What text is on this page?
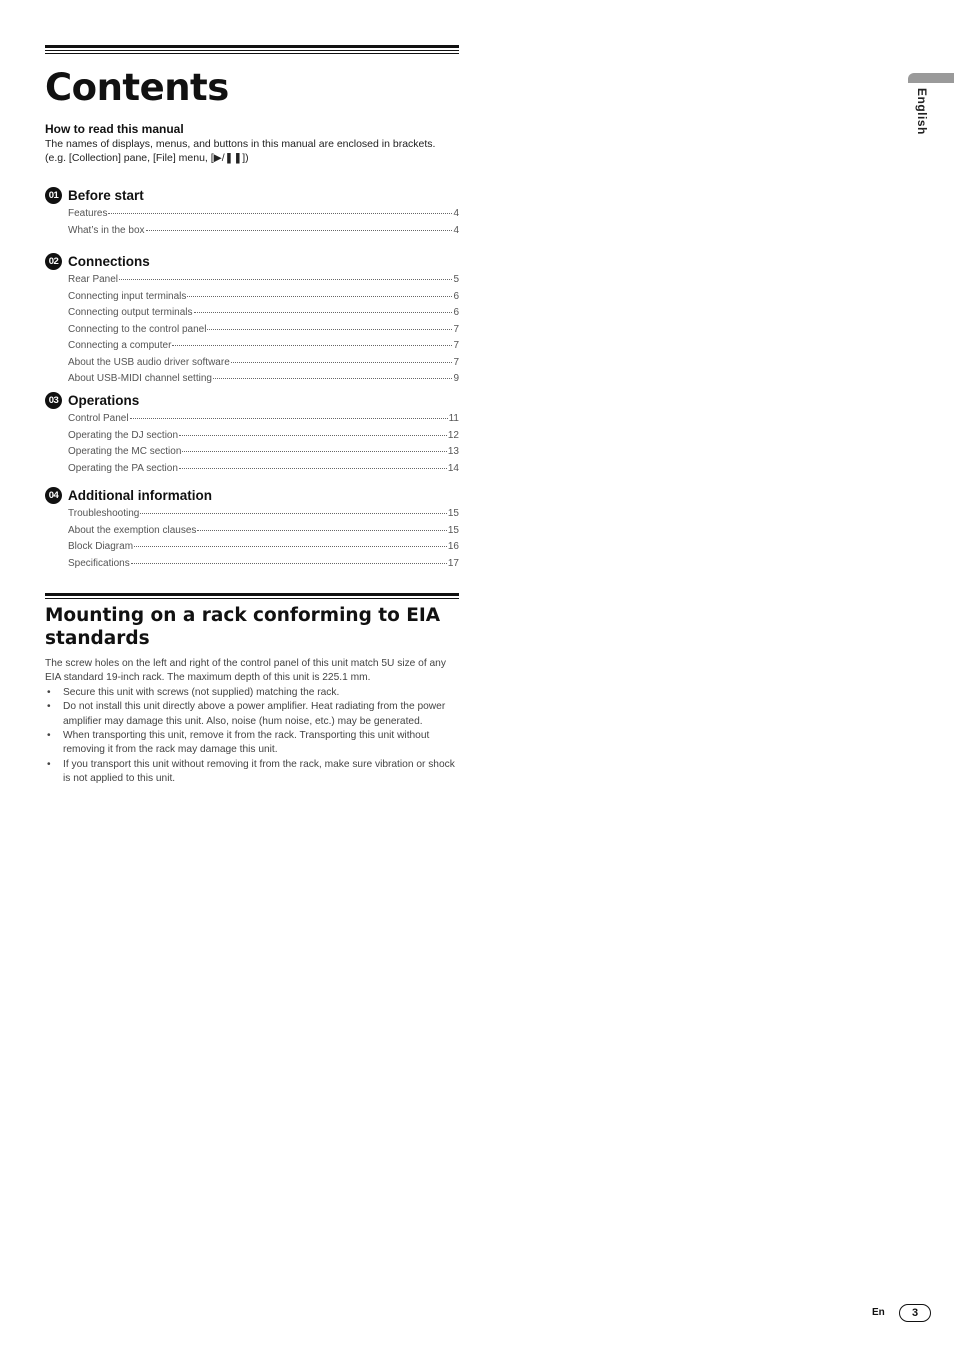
Contents
How to read this manual

The names of displays, menus, and buttons in this manual are enclosed in brackets. (e.g. [Collection] pane, [File] menu, [▶/❚❚])

01 Before start
Features	4
What’s in the box	4
02 Connections
Rear Panel	5
Connecting input terminals	6
Connecting output terminals	6
Connecting to the control panel	7
Connecting a computer	7
About the USB audio driver software	7
About USB-MIDI channel setting	9
03 Operations
Control Panel	11
Operating the DJ section	12
Operating the MC section	13
Operating the PA section	14
04 Additional information
Troubleshooting	15
About the exemption clauses	15
Block Diagram	16
Specifications	17
Mounting on a rack conforming to EIA standards

The screw holes on the left and right of the control panel of this unit match 5U size of any EIA standard 19-inch rack. The maximum depth of this unit is 225.1 mm.

• Secure this unit with screws (not supplied) matching the rack.
• Do not install this unit directly above a power amplifier. Heat radiating from the power amplifier may damage this unit. Also, noise (hum noise, etc.) may be generated.
• When transporting this unit, remove it from the rack. Transporting this unit without removing it from the rack may damage this unit.
• If you transport this unit without removing it from the rack, make sure vibration or shock is not applied to this unit.
English
En	3
